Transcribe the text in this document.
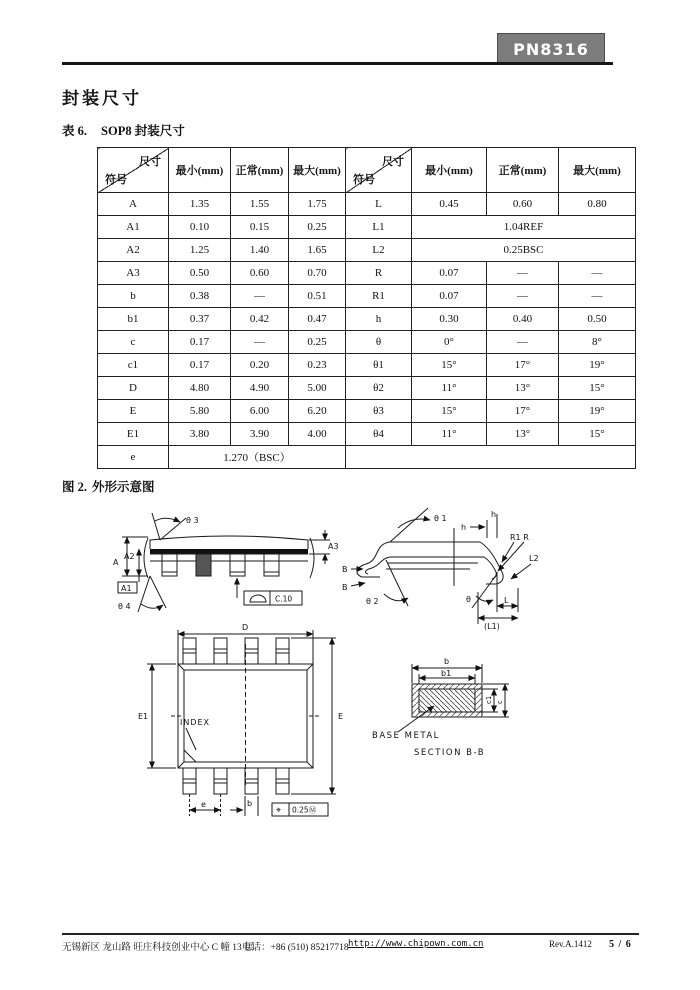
PN8316
封装尺寸
表 6. SOP8 封装尺寸
尺寸
符号	最小(mm)	正常(mm)	最大(mm)	尺寸
符号	最小(mm)	正常(mm)	最大(mm)
A	1.35	1.55	1.75	L	0.45	0.60	0.80
A1	0.10	0.15	0.25	L1	1.04REF		
A2	1.25	1.40	1.65	L2	0.25BSC		
A3	0.50	0.60	0.70	R	0.07	—	—
b	0.38	—	0.51	R1	0.07	—	—
b1	0.37	0.42	0.47	h	0.30	0.40	0.50
c	0.17	—	0.25	θ	0°	—	8°
c1	0.17	0.20	0.23	θ1	15°	17°	19°
D	4.80	4.90	5.00	θ2	11°	13°	15°
E	5.80	6.00	6.20	θ3	15°	17°	19°
E1	3.80	3.90	4.00	θ4	11°	13°	15°
e	1.270（BSC）						
图 2. 外形示意图
A
A2
A1
A3
θ 3
θ 4
C.10
θ 1
θ 2
B
B
h
h
R1 R
L2
θ	L
(L1)
D
INDEX
E1	E
e	b
⌖ 0.25Ⓜ
b
b1
c1 c
BASE METAL
SECTION B-B
无锡新区 龙山路 旺庄科技创业中心 C 幢 13 层
电话：+86 (510) 85217718 http://www.chipown.com.cn	Rev.A.1412 5 / 6
